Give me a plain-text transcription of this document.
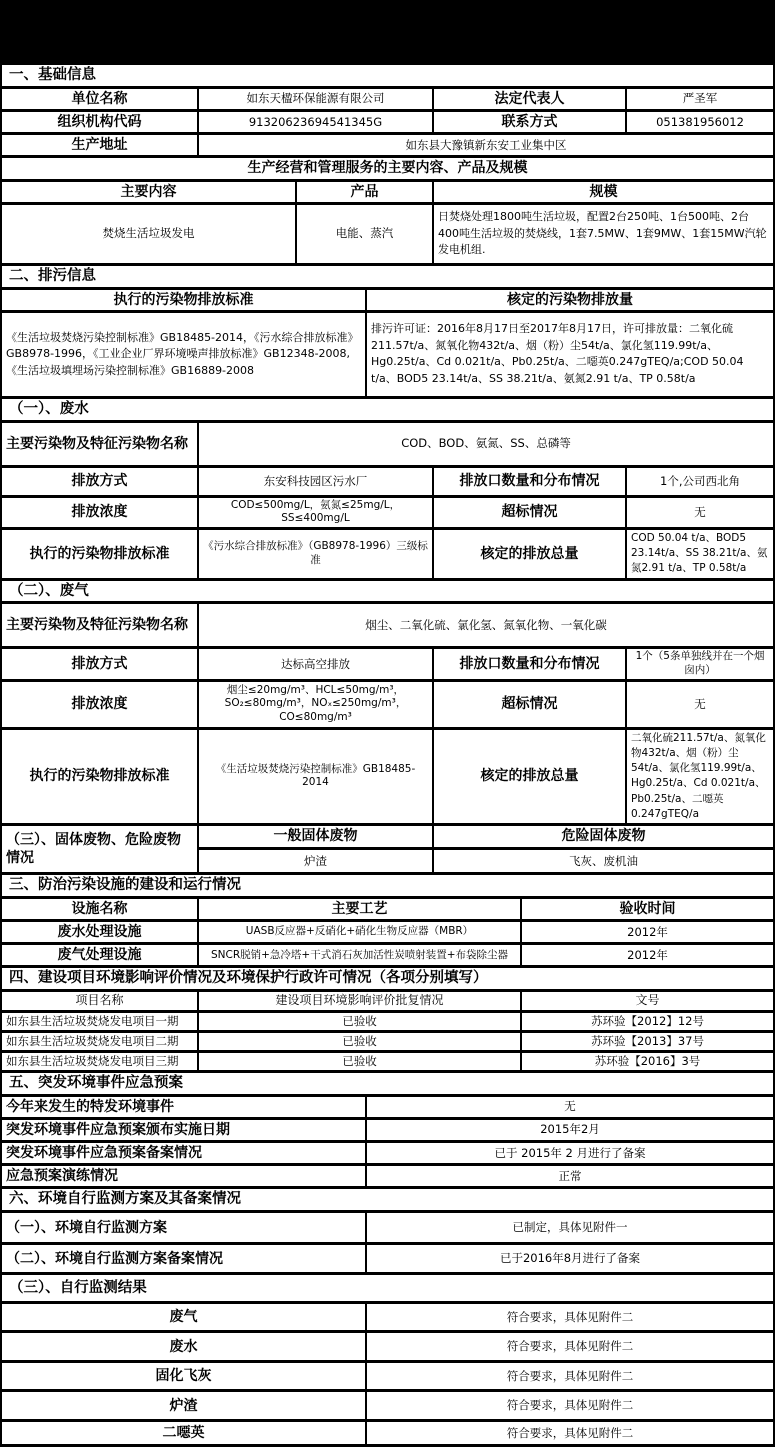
一、基础信息						
单位名称	如东天楹环保能源有限公司			法定代表人		严圣军
组织机构代码	91320623694541345G			联系方式		051381956012
生产地址	如东县大豫镇新东安工业集中区					
生产经营和管理服务的主要内容、产品及规模						
主要内容		产品		规模		
焚烧生活垃圾发电		电能、蒸汽		日焚烧处理1800吨生活垃圾，配置2台250吨、1台500吨、2台400吨生活垃圾的焚烧线，1套7.5MW、1套9MW、1套15MW汽轮发电机组.		
二、排污信息						
执行的污染物排放标准			核定的污染物排放量			
《生活垃圾焚烧污染控制标准》GB18485-2014，《污水综合排放标准》GB8978-1996，《工业企业厂界环境噪声排放标准》GB12348-2008,《生活垃圾填埋场污染控制标准》GB16889-2008			排污许可证：2016年8月17日至2017年8月17日，许可排放量：二氧化硫211.57t/a、氮氧化物432t/a、烟（粉）尘54t/a、氯化氢119.99t/a、Hg0.25t/a、Cd 0.021t/a、Pb0.25t/a、二噁英0.247gTEQ/a;COD 50.04 t/a、BOD5 23.14t/a、SS 38.21t/a、氨氮2.91 t/a、TP 0.58t/a			
（一）、废水						
主要污染物及特征污染物名称	COD、BOD、氨氮、SS、总磷等					
排放方式	东安科技园区污水厂			排放口数量和分布情况		1个,公司西北角
排放浓度	COD≤500mg/L，氨氮≤25mg/L，SS≤400mg/L			超标情况		无
执行的污染物排放标准	《污水综合排放标准》（GB8978-1996）三级标准			核定的排放总量		COD 50.04 t/a、BOD5 23.14t/a、SS 38.21t/a、氨氮2.91 t/a、TP 0.58t/a
（二）、废气						
主要污染物及特征污染物名称	烟尘、二氧化硫、氯化氢、氮氧化物、一氧化碳					
排放方式	达标高空排放			排放口数量和分布情况		1个（5条单独线并在一个烟囱内）
排放浓度	烟尘≤20mg/m³、HCL≤50mg/m³，SO₂≤80mg/m³，NOₓ≤250mg/m³，CO≤80mg/m³			超标情况		无
执行的污染物排放标准	《生活垃圾焚烧污染控制标准》GB18485-2014			核定的排放总量		二氧化硫211.57t/a、氮氧化物432t/a、烟（粉）尘54t/a、氯化氢119.99t/a、Hg0.25t/a、Cd 0.021t/a、Pb0.25t/a、二噁英0.247gTEQ/a
（三）、固体废物、危险废物情况	一般固体废物			危险固体废物		
	炉渣			飞灰、废机油		
三、防治污染设施的建设和运行情况						
设施名称	主要工艺				验收时间	
废水处理设施	UASB反应器+反硝化+硝化生物反应器（MBR）				2012年	
废气处理设施	SNCR脱销+急冷塔+干式消石灰加活性炭喷射装置+布袋除尘器				2012年	
四、建设项目环境影响评价情况及环境保护行政许可情况（各项分别填写）						
项目名称	建设项目环境影响评价批复情况				文号	
如东县生活垃圾焚烧发电项目一期	已验收				苏环验【2012】12号	
如东县生活垃圾焚烧发电项目二期	已验收				苏环验【2013】37号	
如东县生活垃圾焚烧发电项目三期	已验收				苏环验【2016】3号	
五、突发环境事件应急预案						
今年来发生的特发环境事件			无			
突发环境事件应急预案颁布实施日期			2015年2月			
突发环境事件应急预案备案情况			已于 2015年 2 月进行了备案			
应急预案演练情况			正常			
六、环境自行监测方案及其备案情况						
（一）、环境自行监测方案			已制定，具体见附件一			
（二）、环境自行监测方案备案情况			已于2016年8月进行了备案			
（三）、自行监测结果						
废气			符合要求，具体见附件二			
废水			符合要求，具体见附件二			
固化飞灰			符合要求，具体见附件二			
炉渣			符合要求，具体见附件二			
二噁英			符合要求，具体见附件二			
